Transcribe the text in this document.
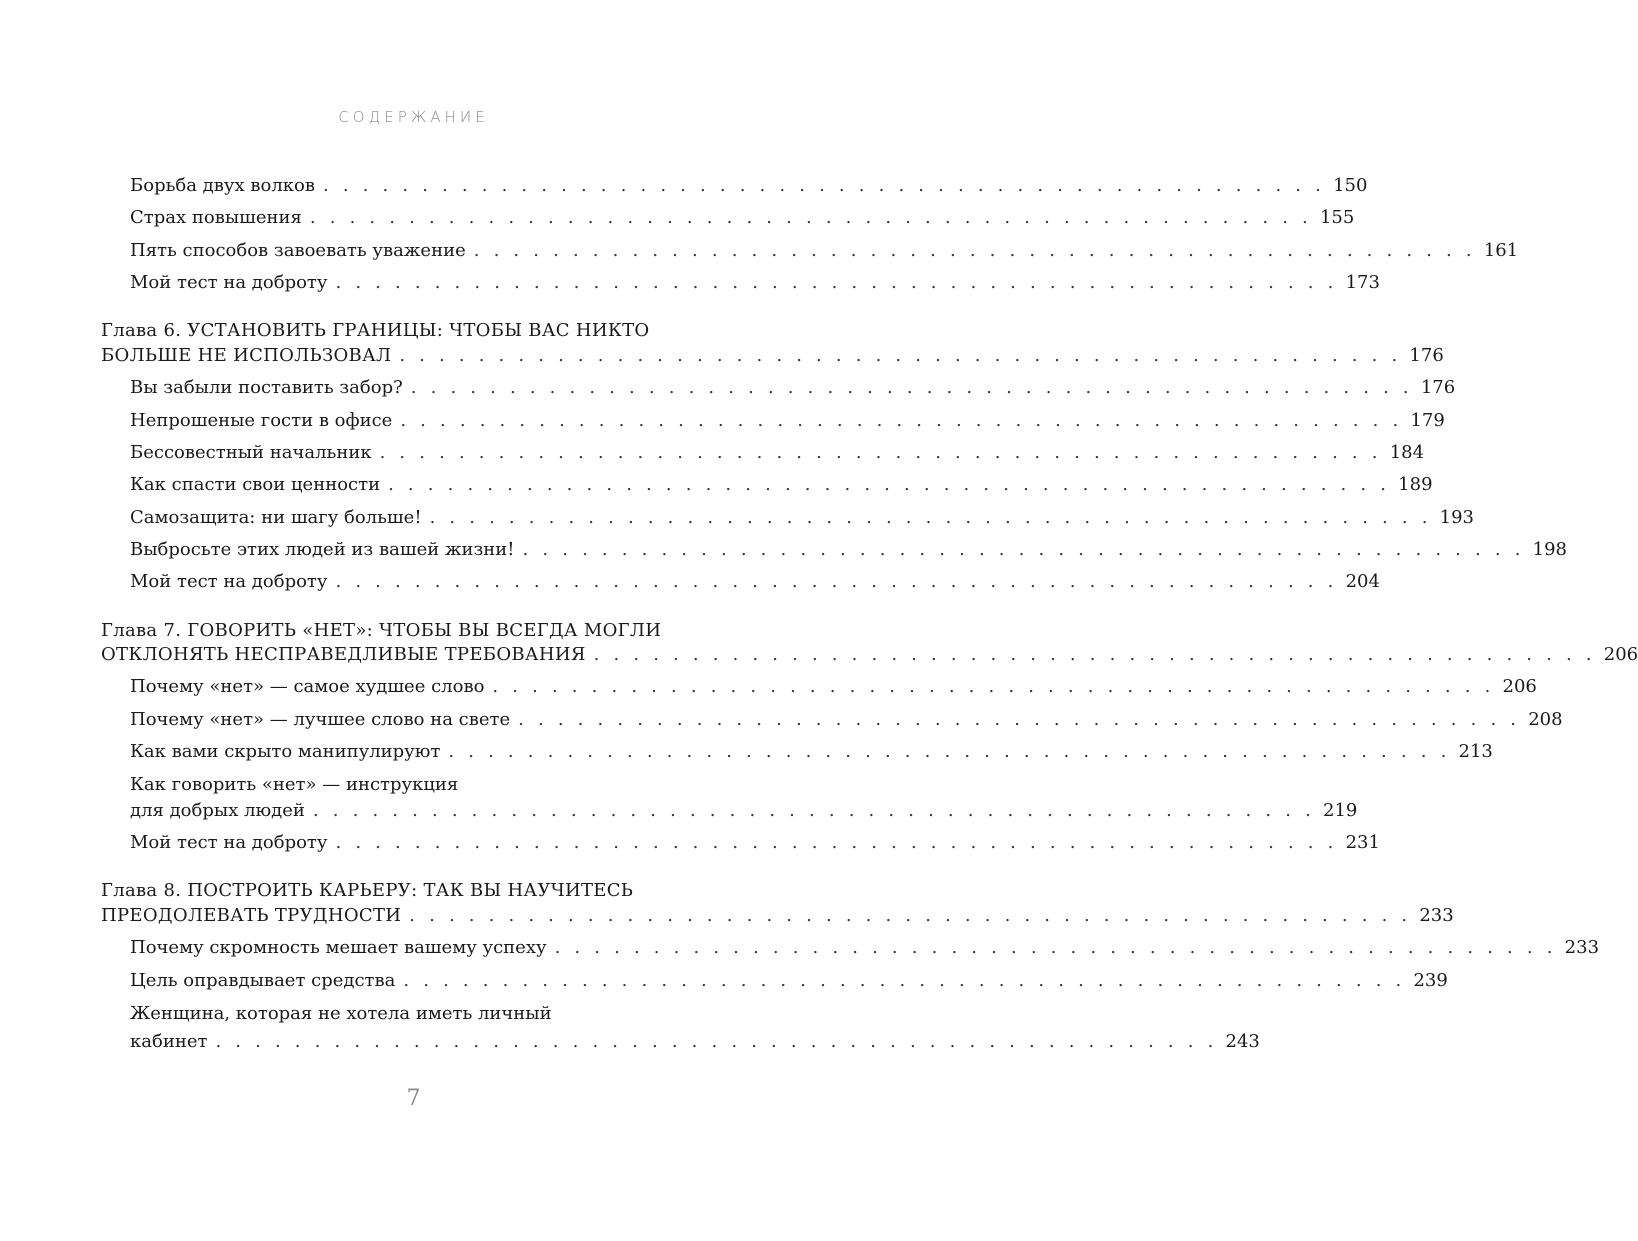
СОДЕРЖАНИЕ
Борьба двух волков . . . . . . . . . . . . . . . . . . . . . . . . . . . . . . . . . . . . . . . . . . . . . . . . . . . 150
Страх повышения . . . . . . . . . . . . . . . . . . . . . . . . . . . . . . . . . . . . . . . . . . . . . . . . . . . 155
Пять способов завоевать уважение . . . . . . . . . . . . . . . . . . . . . . . . . . . . . . . . . . . . . . . . . . . . . . . . . . . 161
Мой тест на доброту . . . . . . . . . . . . . . . . . . . . . . . . . . . . . . . . . . . . . . . . . . . . . . . . . . . 173
Глава 6. УСТАНОВИТЬ ГРАНИЦЫ: ЧТОБЫ ВАС НИКТО
БОЛЬШЕ НЕ ИСПОЛЬЗОВАЛ . . . . . . . . . . . . . . . . . . . . . . . . . . . . . . . . . . . . . . . . . . . . . . . . . . . 176
Вы забыли поставить забор? . . . . . . . . . . . . . . . . . . . . . . . . . . . . . . . . . . . . . . . . . . . . . . . . . . . 176
Непрошеные гости в офисе . . . . . . . . . . . . . . . . . . . . . . . . . . . . . . . . . . . . . . . . . . . . . . . . . . . 179
Бессовестный начальник . . . . . . . . . . . . . . . . . . . . . . . . . . . . . . . . . . . . . . . . . . . . . . . . . . . 184
Как спасти свои ценности . . . . . . . . . . . . . . . . . . . . . . . . . . . . . . . . . . . . . . . . . . . . . . . . . . . 189
Самозащита: ни шагу больше! . . . . . . . . . . . . . . . . . . . . . . . . . . . . . . . . . . . . . . . . . . . . . . . . . . . 193
Выбросьте этих людей из вашей жизни! . . . . . . . . . . . . . . . . . . . . . . . . . . . . . . . . . . . . . . . . . . . . . . . . . . . 198
Мой тест на доброту . . . . . . . . . . . . . . . . . . . . . . . . . . . . . . . . . . . . . . . . . . . . . . . . . . . 204
Глава 7. ГОВОРИТЬ «НЕТ»: ЧТОБЫ ВЫ ВСЕГДА МОГЛИ
ОТКЛОНЯТЬ НЕСПРАВЕДЛИВЫЕ ТРЕБОВАНИЯ . . . . . . . . . . . . . . . . . . . . . . . . . . . . . . . . . . . . . . . . . . . . . . . . . . . 206
Почему «нет» — самое худшее слово . . . . . . . . . . . . . . . . . . . . . . . . . . . . . . . . . . . . . . . . . . . . . . . . . . . 206
Почему «нет» — лучшее слово на свете . . . . . . . . . . . . . . . . . . . . . . . . . . . . . . . . . . . . . . . . . . . . . . . . . . . 208
Как вами скрыто манипулируют . . . . . . . . . . . . . . . . . . . . . . . . . . . . . . . . . . . . . . . . . . . . . . . . . . . 213
Как говорить «нет» — инструкция
для добрых людей . . . . . . . . . . . . . . . . . . . . . . . . . . . . . . . . . . . . . . . . . . . . . . . . . . . 219
Мой тест на доброту . . . . . . . . . . . . . . . . . . . . . . . . . . . . . . . . . . . . . . . . . . . . . . . . . . . 231
Глава 8. ПОСТРОИТЬ КАРЬЕРУ: ТАК ВЫ НАУЧИТЕСЬ
ПРЕОДОЛЕВАТЬ ТРУДНОСТИ . . . . . . . . . . . . . . . . . . . . . . . . . . . . . . . . . . . . . . . . . . . . . . . . . . . 233
Почему скромность мешает вашему успеху . . . . . . . . . . . . . . . . . . . . . . . . . . . . . . . . . . . . . . . . . . . . . . . . . . . 233
Цель оправдывает средства . . . . . . . . . . . . . . . . . . . . . . . . . . . . . . . . . . . . . . . . . . . . . . . . . . . 239
Женщина, которая не хотела иметь личный
кабинет . . . . . . . . . . . . . . . . . . . . . . . . . . . . . . . . . . . . . . . . . . . . . . . . . . . 243
7
